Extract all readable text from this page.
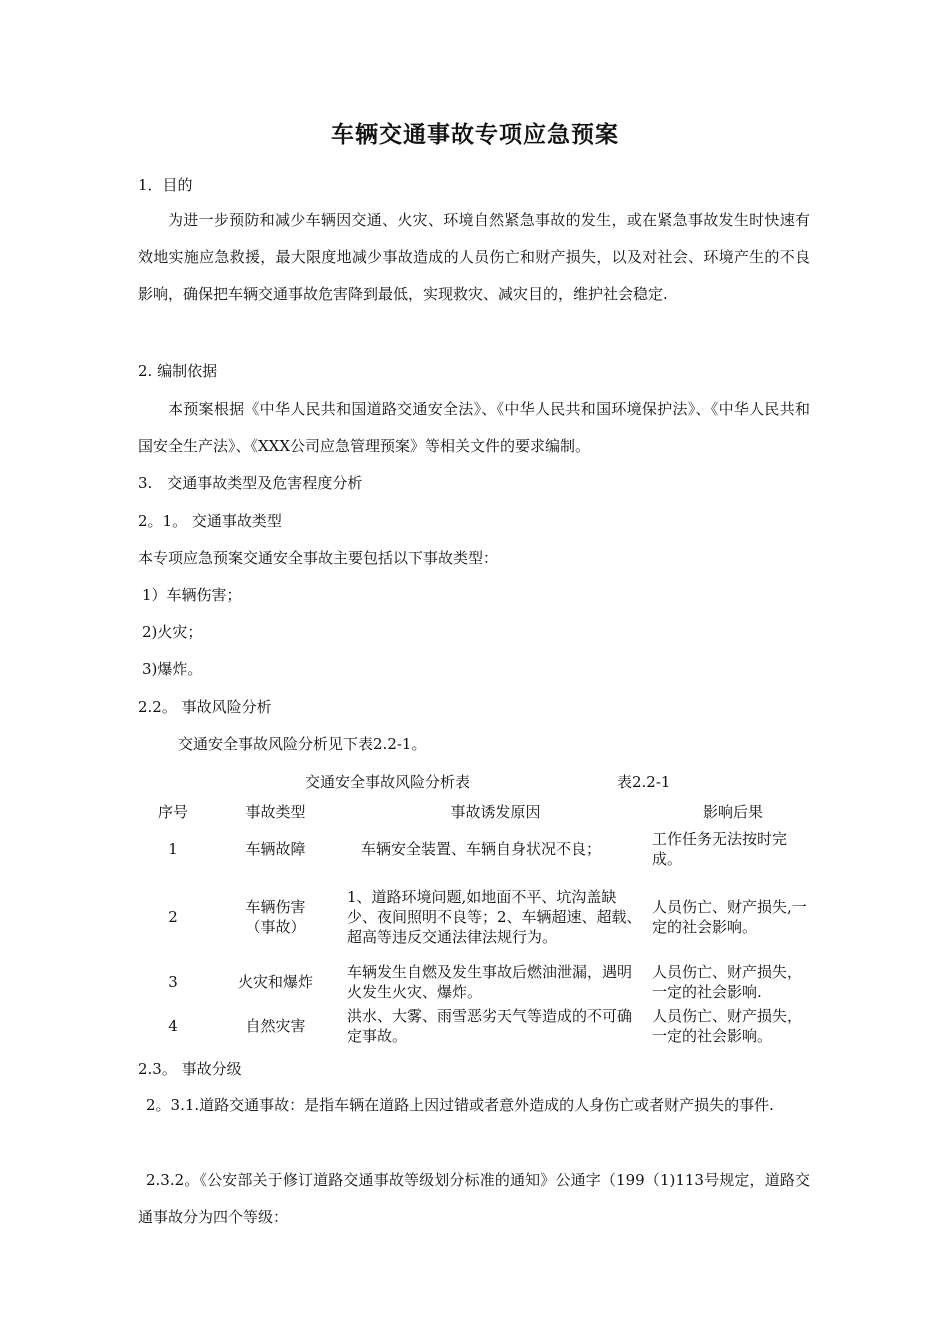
车辆交通事故专项应急预案
1．目的
为进一步预防和减少车辆因交通、火灾、环境自然紧急事故的发生，或在紧急事故发生时快速有效地实施应急救援，最大限度地减少事故造成的人员伤亡和财产损失，以及对社会、环境产生的不良影响，确保把车辆交通事故危害降到最低，实现救灾、减灾目的，维护社会稳定.
2. 编制依据
本预案根据《中华人民共和国道路交通安全法》、《中华人民共和国环境保护法》、《中华人民共和国安全生产法》、《XXX公司应急管理预案》等相关文件的要求编制。
3.　交通事故类型及危害程度分析
2。1。 交通事故类型
本专项应急预案交通安全事故主要包括以下事故类型：
1）车辆伤害；
2)火灾；
3)爆炸。
2.2。 事故风险分析
交通安全事故风险分析见下表2.2-1。
交通安全事故风险分析表	表2.2-1
序号	事故类型	事故诱发原因	影响后果
1	车辆故障	车辆安全装置、车辆自身状况不良；	工作任务无法按时完成。
2	车辆伤害（事故）	1、道路环境问题,如地面不平、坑沟盖缺少、夜间照明不良等；2、车辆超速、超载、超高等违反交通法律法规行为。	人员伤亡、财产损失,一定的社会影响。
3	火灾和爆炸	车辆发生自燃及发生事故后燃油泄漏，遇明火发生火灾、爆炸。	人员伤亡、财产损失，一定的社会影响.
4	自然灾害	洪水、大雾、雨雪恶劣天气等造成的不可确定事故。	人员伤亡、财产损失，一定的社会影响。
2.3。 事故分级
2。3.1.道路交通事故：是指车辆在道路上因过错或者意外造成的人身伤亡或者财产损失的事件.
2.3.2。《公安部关于修订道路交通事故等级划分标准的通知》公通字（199（1)113号规定，道路交通事故分为四个等级：
